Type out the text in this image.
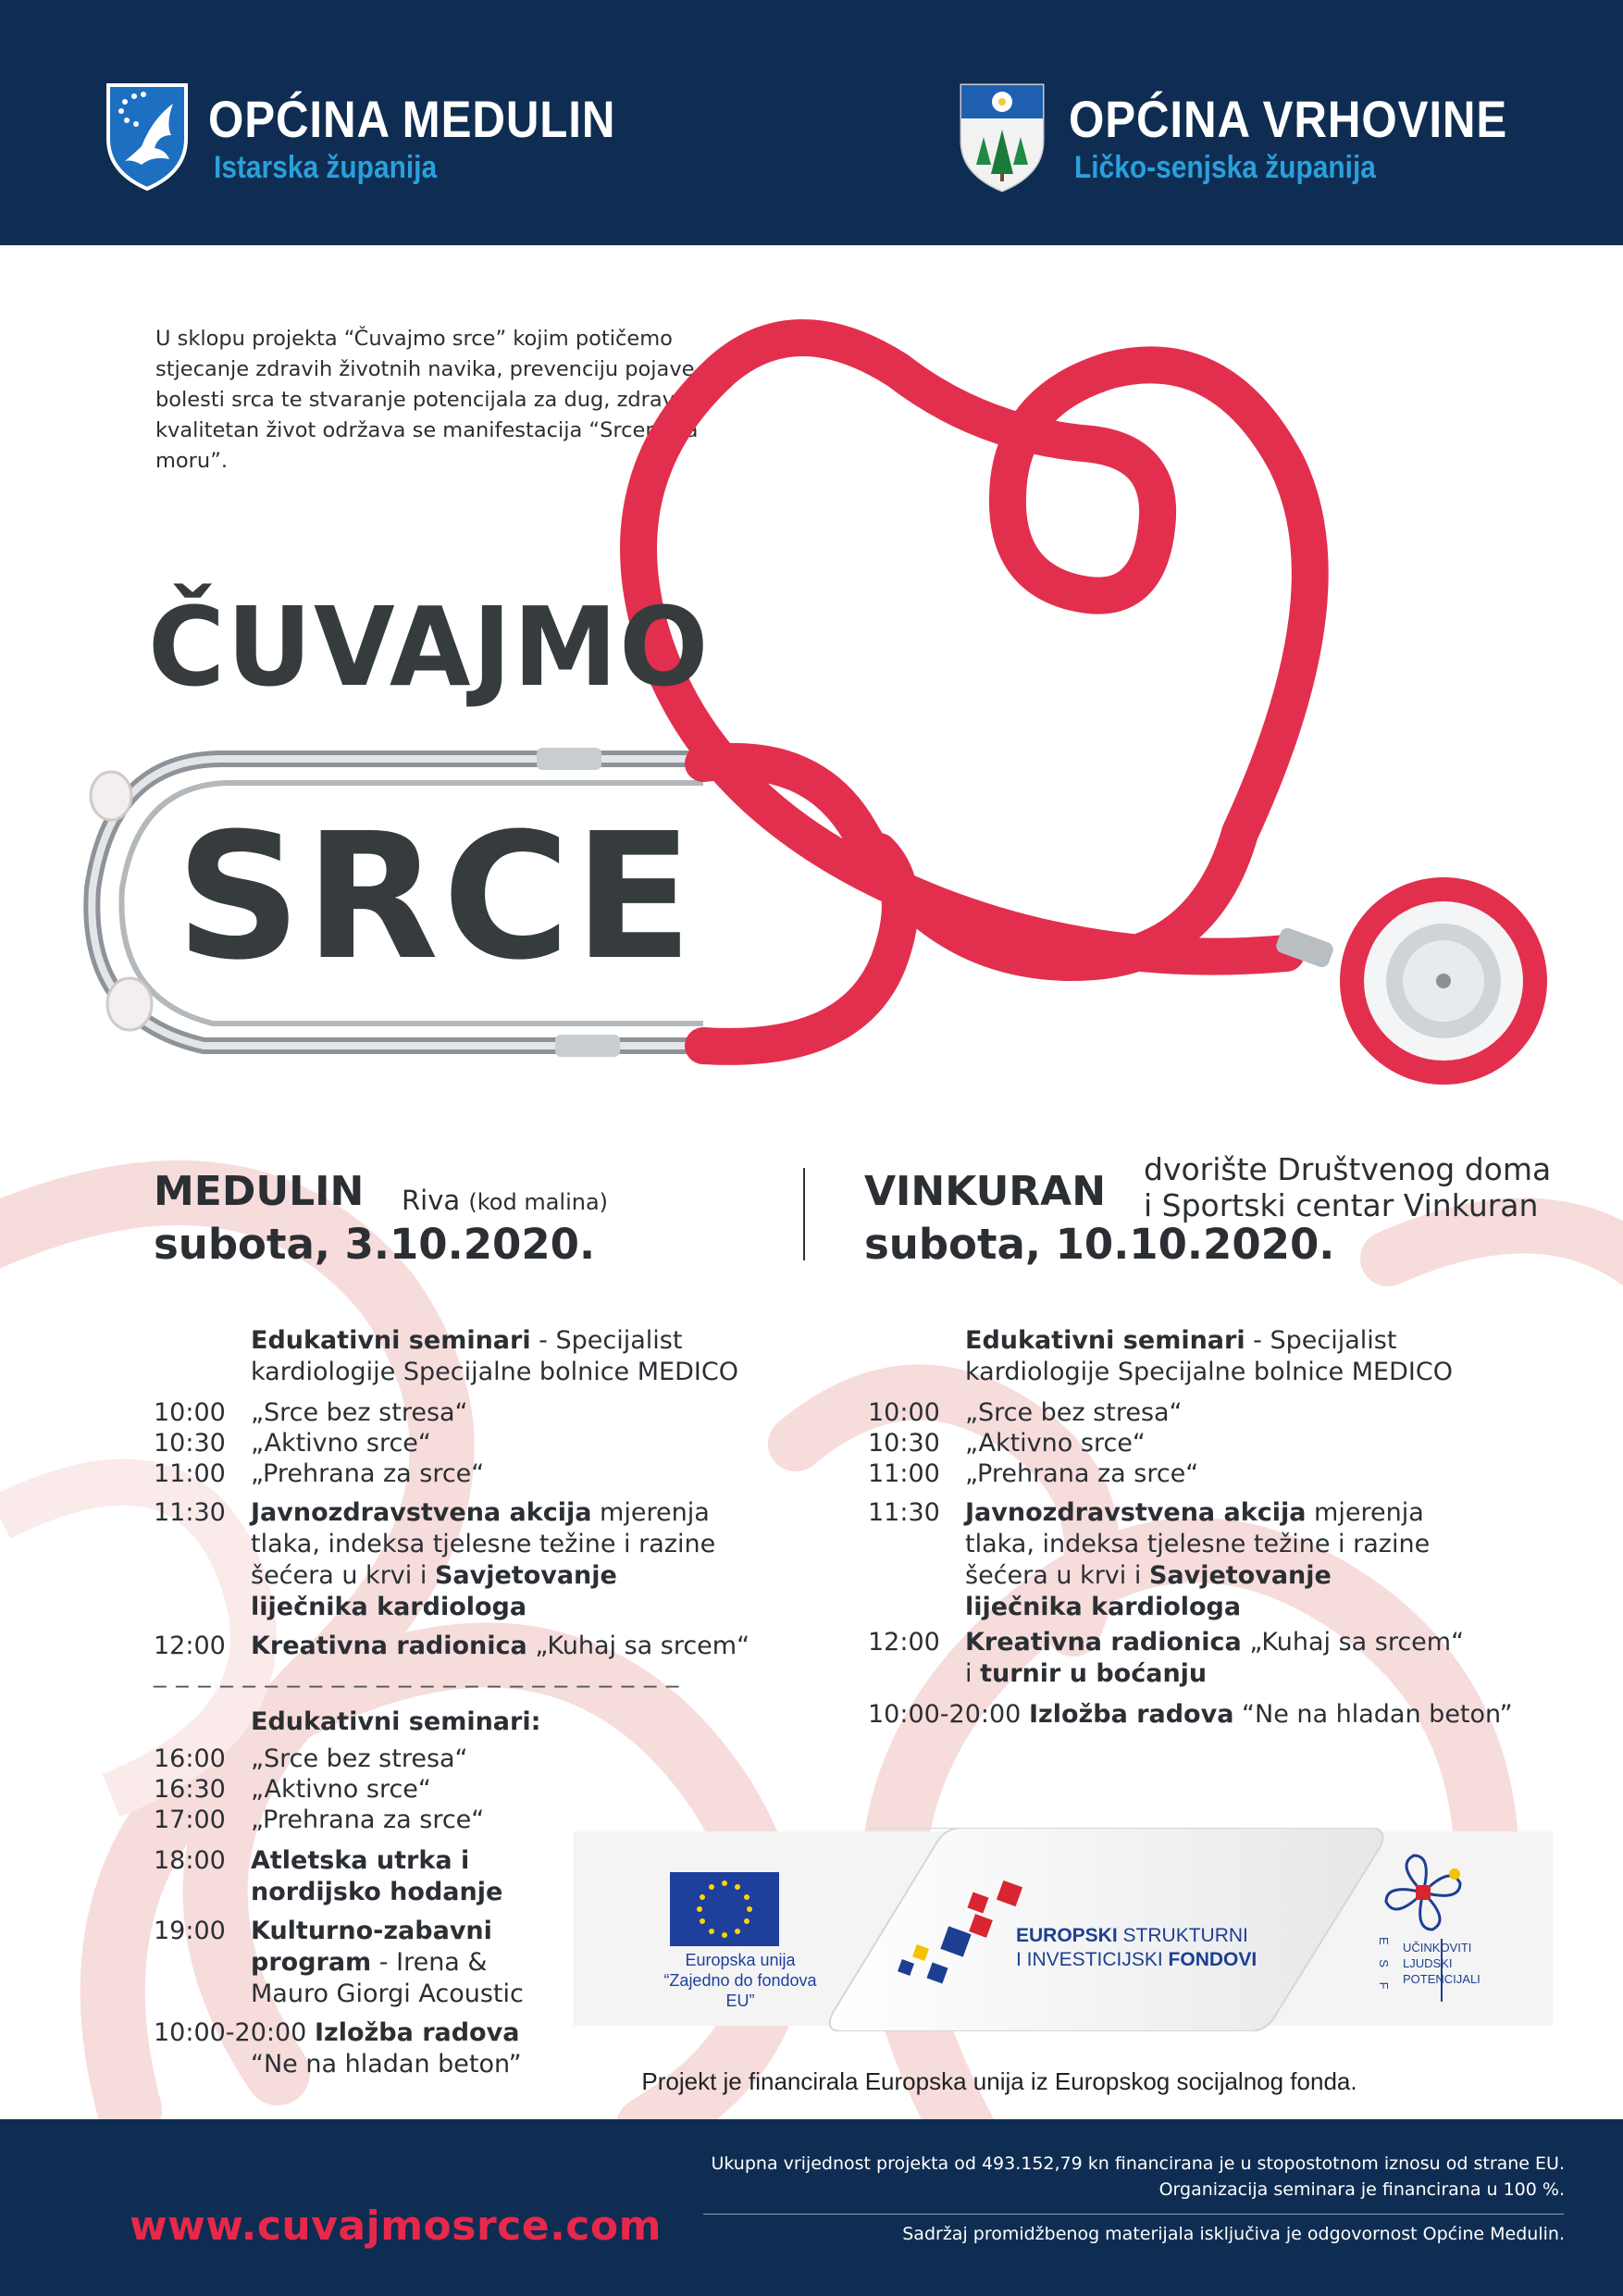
OPĆINA MEDULIN
Istarska županija
OPĆINA VRHOVINE
Ličko-senjska županija
U sklopu projekta “Čuvajmo srce” kojim potičemo stjecanje zdravih životnih navika, prevenciju pojave bolesti srca te stvaranje potencijala za dug, zdrav i kvalitetan život održava se manifestacija “Srcem na moru”.
ČUVAJMO
SRCE
MEDULIN Riva (kod malina)
subota, 3.10.2020.
VINKURAN dvorište Društvenog doma
i Sportski centar Vinkuran
subota, 10.10.2020.
Edukativni seminari - Specijalist kardiologije Specijalne bolnice MEDICO
10:00 „Srce bez stresa“
10:30 „Aktivno srce“
11:00 „Prehrana za srce“
11:30 Javnozdravstvena akcija mjerenja tlaka, indeksa tjelesne težine i razine šećera u krvi i Savjetovanje liječnika kardiologa
12:00 Kreativna radionica „Kuhaj sa srcem“
_ _ _ _ _ _ _ _ _ _ _ _ _ _ _ _ _ _ _ _ _ _ _ _
Edukativni seminari:
16:00 „Srce bez stresa“
16:30 „Aktivno srce“
17:00 „Prehrana za srce“
18:00 Atletska utrka i nordijsko hodanje
19:00 Kulturno-zabavni program - Irena & Mauro Giorgi Acoustic
10:00-20:00 Izložba radova
“Ne na hladan beton”
Edukativni seminari - Specijalist kardiologije Specijalne bolnice MEDICO
10:00 „Srce bez stresa“
10:30 „Aktivno srce“
11:00 „Prehrana za srce“
11:30 Javnozdravstvena akcija mjerenja tlaka, indeksa tjelesne težine i razine šećera u krvi i Savjetovanje liječnika kardiologa
12:00 Kreativna radionica „Kuhaj sa srcem“ i turnir u boćanju
10:00-20:00 Izložba radova “Ne na hladan beton”
Europska unija
“Zajedno do fondova EU”
EUROPSKI STRUKTURNI
I INVESTICIJSKI FONDOVI	E S F UČINKOVITI
LJUDSKI
POTENCIJALI
Projekt je financirala Europska unija iz Europskog socijalnog fonda.
www.cuvajmosrce.com
Ukupna vrijednost projekta od 493.152,79 kn financirana je u stopostotnom iznosu od strane EU.
Organizacija seminara je financirana u 100 %.
Sadržaj promidžbenog materijala isključiva je odgovornost Općine Medulin.
